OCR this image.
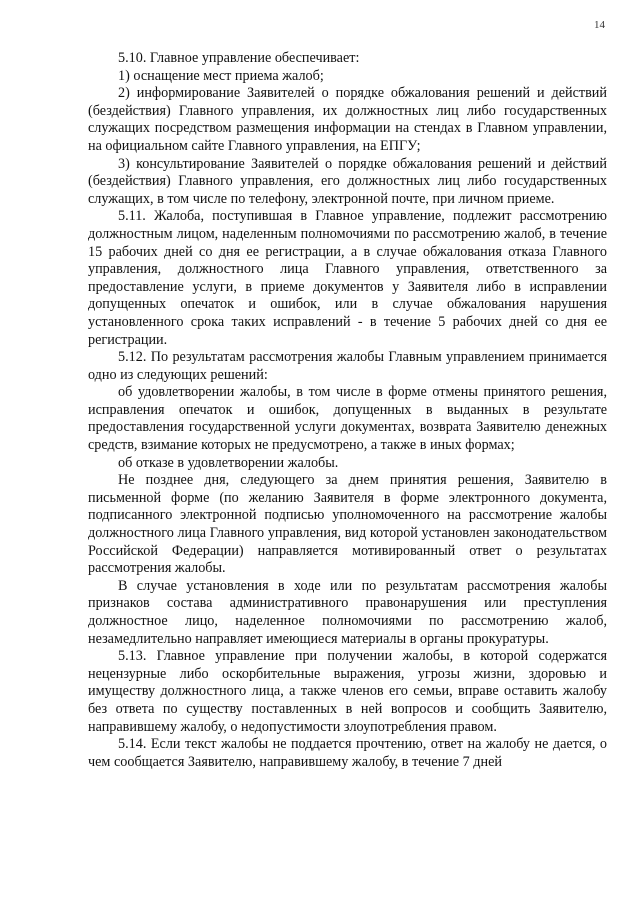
14

5.10. Главное управление обеспечивает:

1) оснащение мест приема жалоб;

2) информирование Заявителей о порядке обжалования решений и действий (бездействия) Главного управления, их должностных лиц либо государственных служащих посредством размещения информации на стендах в Главном управлении, на официальном сайте Главного управления, на ЕПГУ;

3) консультирование Заявителей о порядке обжалования решений и действий (бездействия) Главного управления, его должностных лиц либо государственных служащих, в том числе по телефону, электронной почте, при личном приеме.

5.11. Жалоба, поступившая в Главное управление, подлежит рассмотрению должностным лицом, наделенным полномочиями по рассмотрению жалоб, в течение 15 рабочих дней со дня ее регистрации, а в случае обжалования отказа Главного управления, должностного лица Главного управления, ответственного за предоставление услуги, в приеме документов у Заявителя либо в исправлении допущенных опечаток и ошибок, или в случае обжалования нарушения установленного срока таких исправлений - в течение 5 рабочих дней со дня ее регистрации.

5.12. По результатам рассмотрения жалобы Главным управлением принимается одно из следующих решений:

об удовлетворении жалобы, в том числе в форме отмены принятого решения, исправления опечаток и ошибок, допущенных в выданных в результате предоставления государственной услуги документах, возврата Заявителю денежных средств, взимание которых не предусмотрено, а также в иных формах;

об отказе в удовлетворении жалобы.

Не позднее дня, следующего за днем принятия решения, Заявителю в письменной форме (по желанию Заявителя в форме электронного документа, подписанного электронной подписью уполномоченного на рассмотрение жалобы должностного лица Главного управления, вид которой установлен законодательством Российской Федерации) направляется мотивированный ответ о результатах рассмотрения жалобы.

В случае установления в ходе или по результатам рассмотрения жалобы признаков состава административного правонарушения или преступления должностное лицо, наделенное полномочиями по рассмотрению жалоб, незамедлительно направляет имеющиеся материалы в органы прокуратуры.

5.13. Главное управление при получении жалобы, в которой содержатся нецензурные либо оскорбительные выражения, угрозы жизни, здоровью и имуществу должностного лица, а также членов его семьи, вправе оставить жалобу без ответа по существу поставленных в ней вопросов и сообщить Заявителю, направившему жалобу, о недопустимости злоупотребления правом.

5.14. Если текст жалобы не поддается прочтению, ответ на жалобу не дается, о чем сообщается Заявителю, направившему жалобу, в течение 7 дней
